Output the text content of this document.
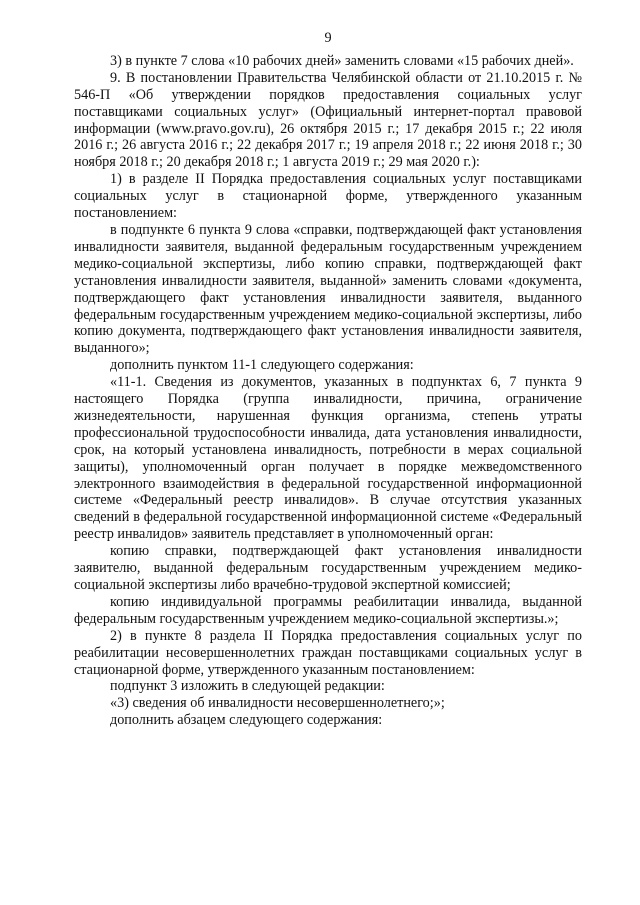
9

3) в пункте 7 слова «10 рабочих дней» заменить словами «15 рабочих дней».

9. В постановлении Правительства Челябинской области от 21.10.2015 г. № 546-П «Об утверждении порядков предоставления социальных услуг поставщиками социальных услуг» (Официальный интернет-портал правовой информации (www.pravo.gov.ru), 26 октября 2015 г.; 17 декабря 2015 г.; 22 июля 2016 г.; 26 августа 2016 г.; 22 декабря 2017 г.; 19 апреля 2018 г.; 22 июня 2018 г.; 30 ноября 2018 г.; 20 декабря 2018 г.; 1 августа 2019 г.; 29 мая 2020 г.):

1) в разделе II Порядка предоставления социальных услуг поставщиками социальных услуг в стационарной форме, утвержденного указанным постановлением:

в подпункте 6 пункта 9 слова «справки, подтверждающей факт установления инвалидности заявителя, выданной федеральным государственным учреждением медико-социальной экспертизы, либо копию справки, подтверждающей факт установления инвалидности заявителя, выданной» заменить словами «документа, подтверждающего факт установления инвалидности заявителя, выданного федеральным государственным учреждением медико-социальной экспертизы, либо копию документа, подтверждающего факт установления инвалидности заявителя, выданного»;

дополнить пунктом 11-1 следующего содержания:

«11-1. Сведения из документов, указанных в подпунктах 6, 7 пункта 9 настоящего Порядка (группа инвалидности, причина, ограничение жизнедеятельности, нарушенная функция организма, степень утраты профессиональной трудоспособности инвалида, дата установления инвалидности, срок, на который установлена инвалидность, потребности в мерах социальной защиты), уполномоченный орган получает в порядке межведомственного электронного взаимодействия в федеральной государственной информационной системе «Федеральный реестр инвалидов». В случае отсутствия указанных сведений в федеральной государственной информационной системе «Федеральный реестр инвалидов» заявитель представляет в уполномоченный орган:

копию справки, подтверждающей факт установления инвалидности заявителю, выданной федеральным государственным учреждением медико-социальной экспертизы либо врачебно-трудовой экспертной комиссией;

копию индивидуальной программы реабилитации инвалида, выданной федеральным государственным учреждением медико-социальной экспертизы.»;

2) в пункте 8 раздела II Порядка предоставления социальных услуг по реабилитации несовершеннолетних граждан поставщиками социальных услуг в стационарной форме, утвержденного указанным постановлением:

подпункт 3 изложить в следующей редакции:

«3) сведения об инвалидности несовершеннолетнего;»;

дополнить абзацем следующего содержания:
